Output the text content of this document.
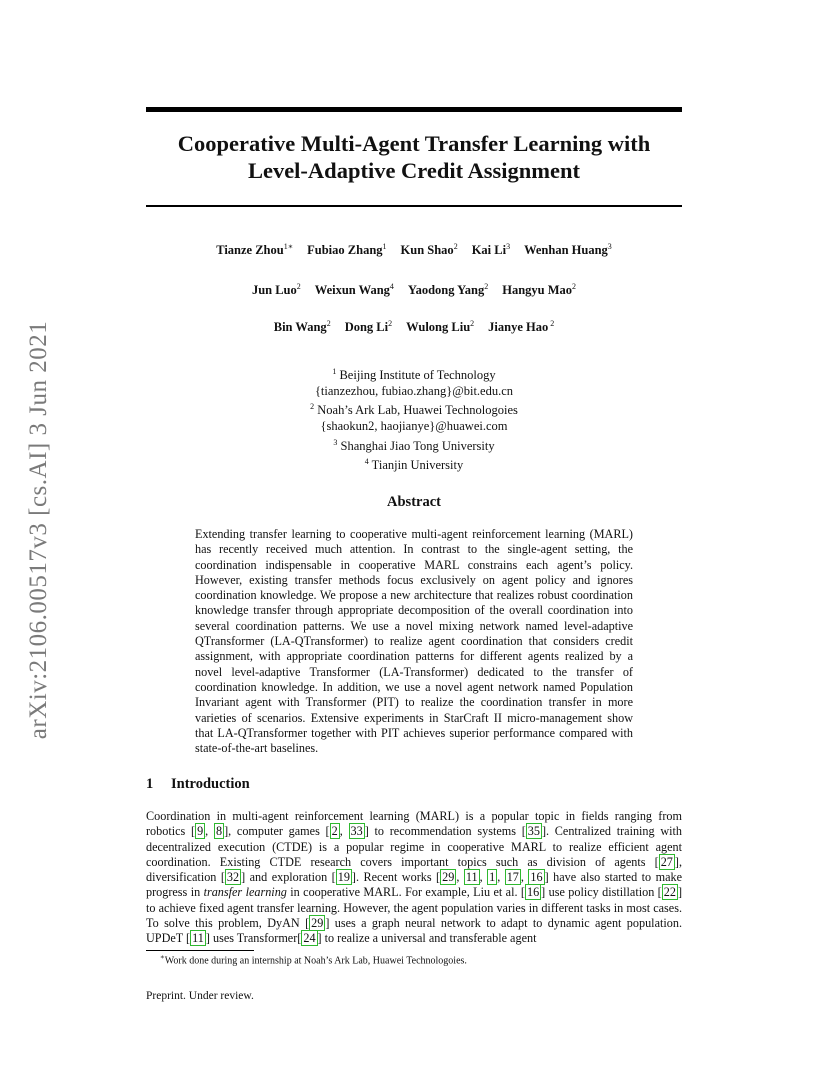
arXiv:2106.00517v3 [cs.AI] 3 Jun 2021
Cooperative Multi-Agent Transfer Learning with
Level-Adaptive Credit Assignment
Tianze Zhou$^{1∗}$ Fubiao Zhang$^1$ Kun Shao$^2$ Kai Li$^3$ Wenhan Huang$^3$
Jun Luo$^2$ Weixun Wang$^4$ Yaodong Yang$^2$ Hangyu Mao$^2$
Bin Wang$^2$ Dong Li$^2$ Wulong Liu$^2$ Jianye Hao $^2$
$^1$ Beijing Institute of Technology
{tianzezhou, fubiao.zhang}@bit.edu.cn
$^2$ Noah’s Ark Lab, Huawei Technologoies
{shaokun2, haojianye}@huawei.com
$^3$ Shanghai Jiao Tong University
$^4$ Tianjin University
Abstract
Extending transfer learning to cooperative multi-agent reinforcement learning (MARL) has recently received much attention. In contrast to the single-agent setting, the coordination indispensable in cooperative MARL constrains each agent’s policy. However, existing transfer methods focus exclusively on agent policy and ignores coordination knowledge. We propose a new architecture that realizes robust coordination knowledge transfer through appropriate decomposition of the overall coordination into several coordination patterns. We use a novel mixing network named level-adaptive QTransformer (LA-QTransformer) to realize agent coordination that considers credit assignment, with appropriate coordination patterns for different agents realized by a novel level-adaptive Transformer (LA-Transformer) dedicated to the transfer of coordination knowledge. In addition, we use a novel agent network named Population Invariant agent with Transformer (PIT) to realize the coordination transfer in more varieties of scenarios. Extensive experiments in StarCraft II micro-management show that LA-QTransformer together with PIT achieves superior performance compared with state-of-the-art baselines.
1 Introduction
Coordination in multi-agent reinforcement learning (MARL) is a popular topic in fields ranging from robotics [ 9 , 8 ], computer games [ 2 , 33 ] to recommendation systems [ 35 ]. Centralized training with decentralized execution (CTDE) is a popular regime in cooperative MARL to realize efficient agent coordination. Existing CTDE research covers important topics such as division of agents [ 27 ], diversification [ 32 ] and exploration [ 19 ]. Recent works [ 29 , 11 , 1 , 17 , 16 ] have also started to make progress in transfer learning in cooperative MARL. For example, Liu et al. [ 16 ] use policy distillation [ 22 ] to achieve fixed agent transfer learning. However, the agent population varies in different tasks in most cases. To solve this problem, DyAN [ 29 ] uses a graph neural network to adapt to dynamic agent population. UPDeT [ 11 ] uses Transformer[ 24 ] to realize a universal and transferable agent
∗Work done during an internship at Noah’s Ark Lab, Huawei Technologoies.
Preprint. Under review.
